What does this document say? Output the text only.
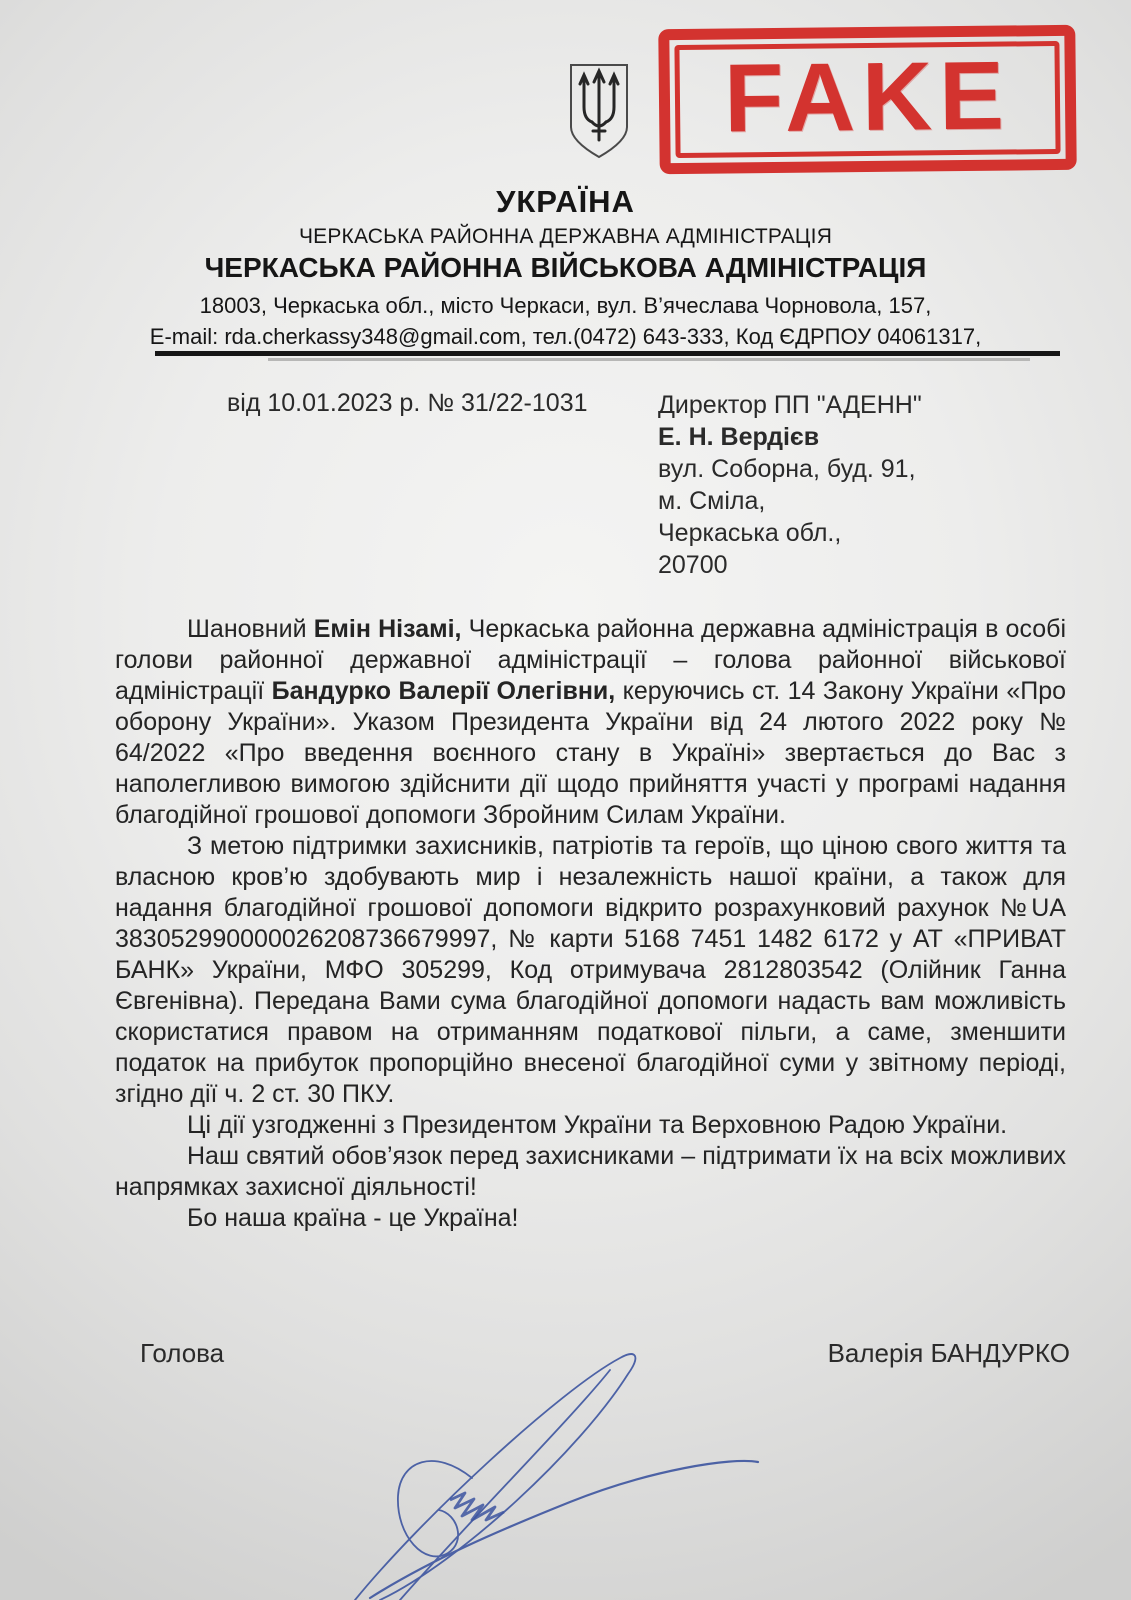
FAKE
УКРАЇНА
ЧЕРКАСЬКА РАЙОННА ДЕРЖАВНА АДМІНІСТРАЦІЯ
ЧЕРКАСЬКА РАЙОННА ВІЙСЬКОВА АДМІНІСТРАЦІЯ
18003, Черкаська обл., місто Черкаси, вул. В’ячеслава Чорновола, 157,
E-mail: rda.cherkassy348@gmail.com, тел.(0472) 643-333, Код ЄДРПОУ 04061317,
від 10.01.2023 р. № 31/22-1031	Директор ПП "АДЕНН"
Е. Н. Вердієв
вул. Соборна, буд. 91,
м. Сміла,
Черкаська обл.,
20700

Шановний Емін Нізамі, Черкаська районна державна адміністрація в особі голови районної державної адміністрації – голова районної військової адміністрації Бандурко Валерії Олегівни, керуючись ст. 14 Закону України «Про оборону України». Указом Президента України від 24 лютого 2022 року № 64/2022 «Про введення воєнного стану в Україні» звертається до Вас з наполегливою вимогою здійснити дії щодо прийняття участі у програмі надання благодійної грошової допомоги Збройним Силам України.

З метою підтримки захисників, патріотів та героїв, що ціною свого життя та власною кров’ю здобувають мир і незалежність нашої країни, а також для надання благодійної грошової допомоги відкрито розрахунковий рахунок №UA 383052990000026208736679997, № карти 5168 7451 1482 6172 у АТ «ПРИВАТ БАНК» України, МФО 305299, Код отримувача 2812803542 (Олійник Ганна Євгенівна). Передана Вами сума благодійної допомоги надасть вам можливість скористатися правом на отриманням податкової пільги, а саме, зменшити податок на прибуток пропорційно внесеної благодійної суми у звітному періоді, згідно дії ч. 2 ст. 30 ПКУ.

Ці дії узгодженні з Президентом України та Верховною Радою України.

Наш святий обов’язок перед захисниками – підтримати їх на всіх можливих напрямках захисної діяльності!

Бо наша країна - це Україна!

Голова	Валерія БАНДУРКО
